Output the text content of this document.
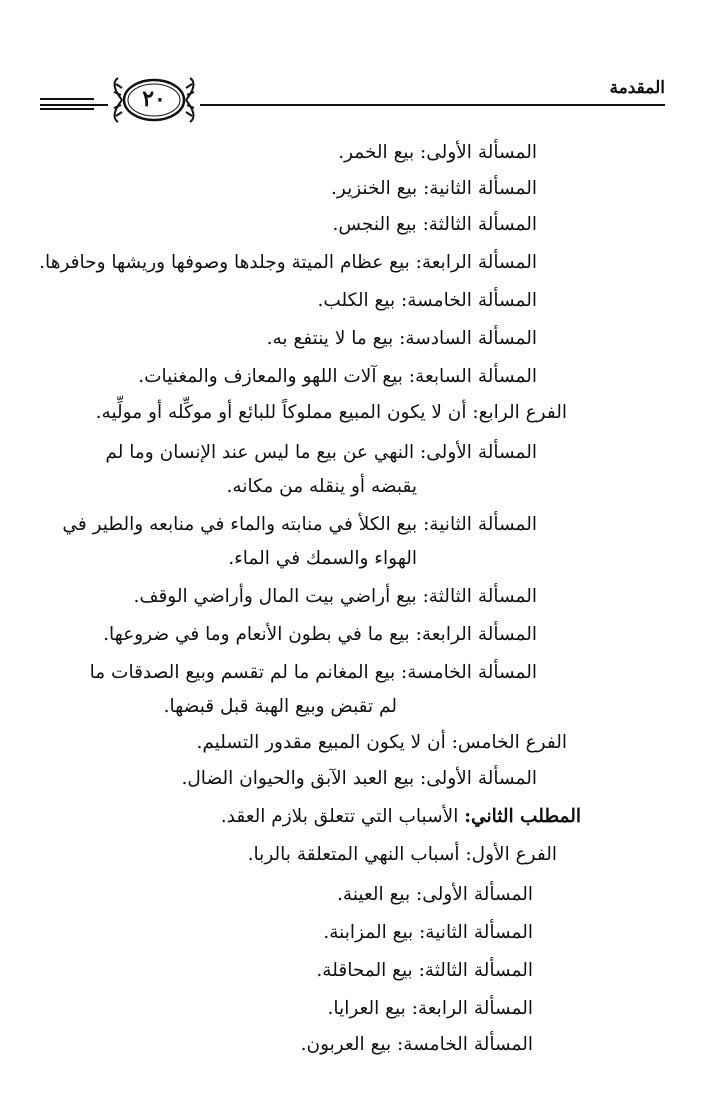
٢٠	المقدمة
المسألة الأولى: بيع الخمر.
المسألة الثانية: بيع الخنزير.
المسألة الثالثة: بيع النجس.
المسألة الرابعة: بيع عظام الميتة وجلدها وصوفها وريشها وحافرها.
المسألة الخامسة: بيع الكلب.
المسألة السادسة: بيع ما لا ينتفع به.
المسألة السابعة: بيع آلات اللهو والمعازف والمغنيات.
الفرع الرابع: أن لا يكون المبيع مملوكاً للبائع أو موكِّله أو مولِّيه.
المسألة الأولى: النهي عن بيع ما ليس عند الإنسان وما لم
يقبضه أو ينقله من مكانه.
المسألة الثانية: بيع الكلأ في منابته والماء في منابعه والطير في
الهواء والسمك في الماء.
المسألة الثالثة: بيع أراضي بيت المال وأراضي الوقف.
المسألة الرابعة: بيع ما في بطون الأنعام وما في ضروعها.
المسألة الخامسة: بيع المغانم ما لم تقسم وبيع الصدقات ما
لم تقبض وبيع الهبة قبل قبضها.
الفرع الخامس: أن لا يكون المبيع مقدور التسليم.
المسألة الأولى: بيع العبد الآبق والحيوان الضال.
المطلب الثاني: الأسباب التي تتعلق بلازم العقد.
الفرع الأول: أسباب النهي المتعلقة بالربا.
المسألة الأولى: بيع العينة.
المسألة الثانية: بيع المزابنة.
المسألة الثالثة: بيع المحاقلة.
المسألة الرابعة: بيع العرايا.
المسألة الخامسة: بيع العربون.
